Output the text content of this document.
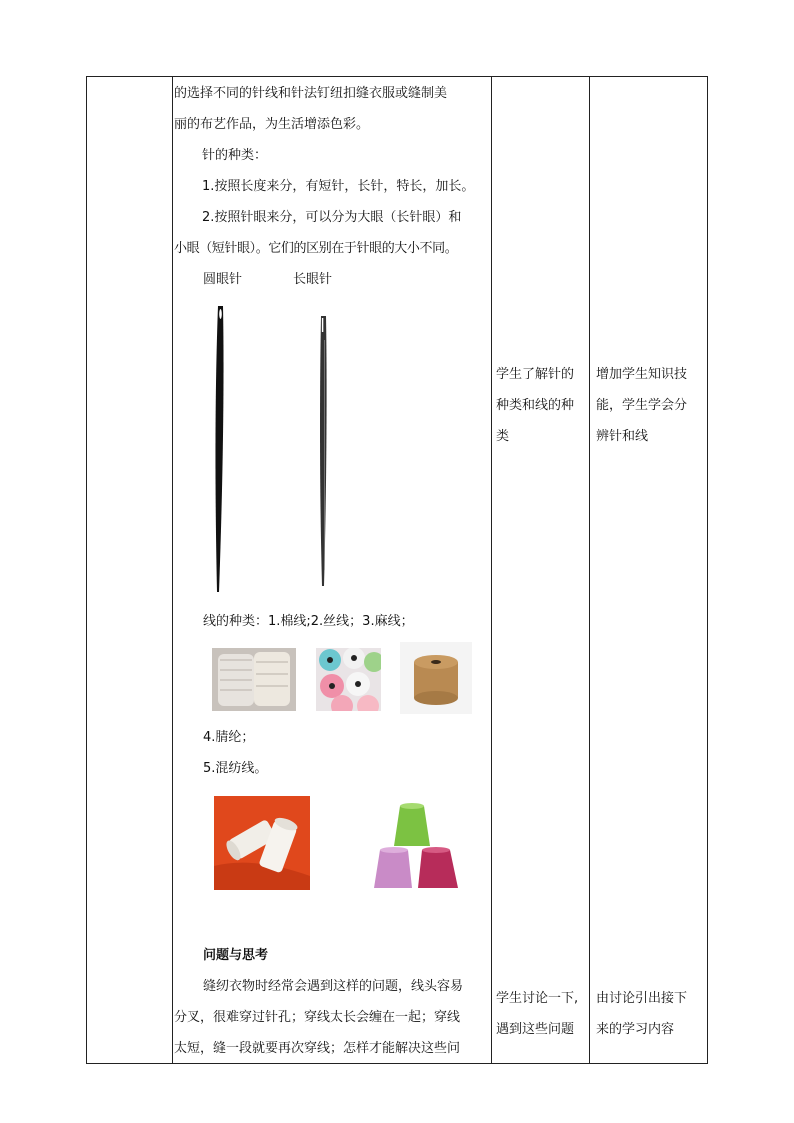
的选择不同的针线和针法钉纽扣缝衣服或缝制美

丽的布艺作品，为生活增添色彩。

针的种类：

1.按照长度来分，有短针，长针，特长，加长。

2.按照针眼来分，可以分为大眼（长针眼）和

小眼（短针眼）。它们的区别在于针眼的大小不同。

圆眼针	长眼针
线的种类：1.棉线;2.丝线；3.麻线；
4.腈纶；
5.混纺线。
问题与思考
缝纫衣物时经常会遇到这样的问题，线头容易
分叉，很难穿过针孔；穿线太长会缠在一起；穿线
太短，缝一段就要再次穿线；怎样才能解决这些问
学生了解针的
种类和线的种
类
学生讨论一下,
遇到这些问题
增加学生知识技
能，学生学会分
辨针和线
由讨论引出接下
来的学习内容
